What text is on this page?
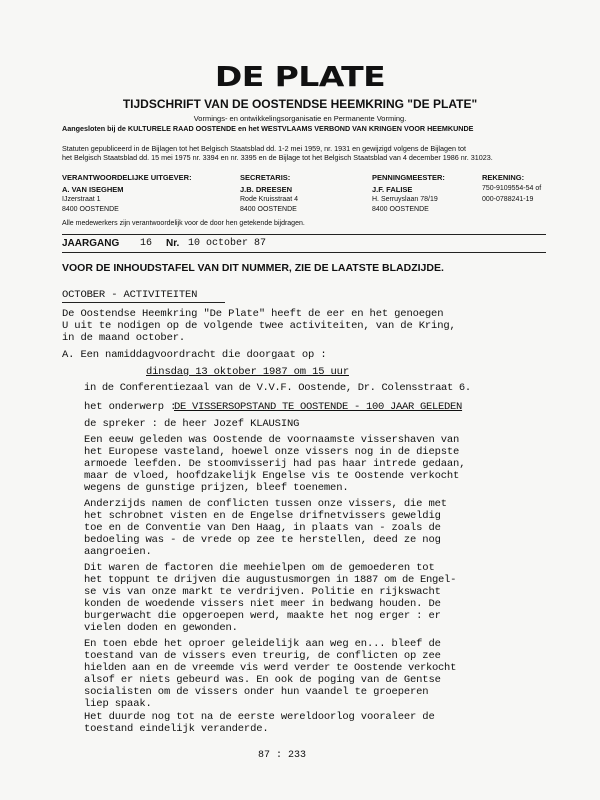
DE PLATE
TIJDSCHRIFT VAN DE OOSTENDSE HEEMKRING "DE PLATE"
Vormings- en ontwikkelingsorganisatie en Permanente Vorming.
Aangesloten bij de KULTURELE RAAD OOSTENDE en het WESTVLAAMS VERBOND VAN KRINGEN VOOR HEEMKUNDE
Statuten gepubliceerd in de Bijlagen tot het Belgisch Staatsblad dd. 1-2 mei 1959, nr. 1931 en gewijzigd volgens de Bijlagen tot
het Belgisch Staatsblad dd. 15 mei 1975 nr. 3394 en nr. 3395 en de Bijlage tot het Belgisch Staatsblad van 4 december 1986 nr. 31023.
VERANTWOORDELIJKE UITGEVER:
A. VAN ISEGHEM
IJzerstraat 1
8400 OOSTENDE
SECRETARIS:
J.B. DREESEN
Rode Kruisstraat 4
8400 OOSTENDE
PENNINGMEESTER:
J.F. FALISE
H. Serruyslaan 78/19
8400 OOSTENDE
REKENING:
750-9109554-54 of
000-0788241-19
Alle medewerkers zijn verantwoordelijk voor de door hen getekende bijdragen.
JAARGANG 16 Nr. 10 october 87
VOOR DE INHOUDSTAFEL VAN DIT NUMMER, ZIE DE LAATSTE BLADZIJDE.
OCTOBER - ACTIVITEITEN
De Oostendse Heemkring "De Plate" heeft de eer en het genoegen
U uit te nodigen op de volgende twee activiteiten, van de Kring,
in de maand october.
A. Een namiddagvoordracht die doorgaat op :
dinsdag 13 oktober 1987 om 15 uur
in de Conferentiezaal van de V.V.F. Oostende, Dr. Colensstraat 6.
het onderwerp :
DE VISSERSOPSTAND TE OOSTENDE - 100 JAAR GELEDEN
de spreker : de heer Jozef KLAUSING
Een eeuw geleden was Oostende de voornaamste vissershaven van
het Europese vasteland, hoewel onze vissers nog in de diepste
armoede leefden. De stoomvisserij had pas haar intrede gedaan,
maar de vloed, hoofdzakelijk Engelse vis te Oostende verkocht
wegens de gunstige prijzen, bleef toenemen.
Anderzijds namen de conflicten tussen onze vissers, die met
het schrobnet visten en de Engelse drifnetvissers geweldig
toe en de Conventie van Den Haag, in plaats van - zoals de
bedoeling was - de vrede op zee te herstellen, deed ze nog
aangroeien.
Dit waren de factoren die meehielpen om de gemoederen tot
het toppunt te drijven die augustusmorgen in 1887 om de Engel-
se vis van onze markt te verdrijven. Politie en rijkswacht
konden de woedende vissers niet meer in bedwang houden. De
burgerwacht die opgeroepen werd, maakte het nog erger : er
vielen doden en gewonden.
En toen ebde het oproer geleidelijk aan weg en... bleef de
toestand van de vissers even treurig, de conflicten op zee
hielden aan en de vreemde vis werd verder te Oostende verkocht
alsof er niets gebeurd was. En ook de poging van de Gentse
socialisten om de vissers onder hun vaandel te groeperen
liep spaak.
Het duurde nog tot na de eerste wereldoorlog vooraleer de
toestand eindelijk veranderde.
87 : 233
